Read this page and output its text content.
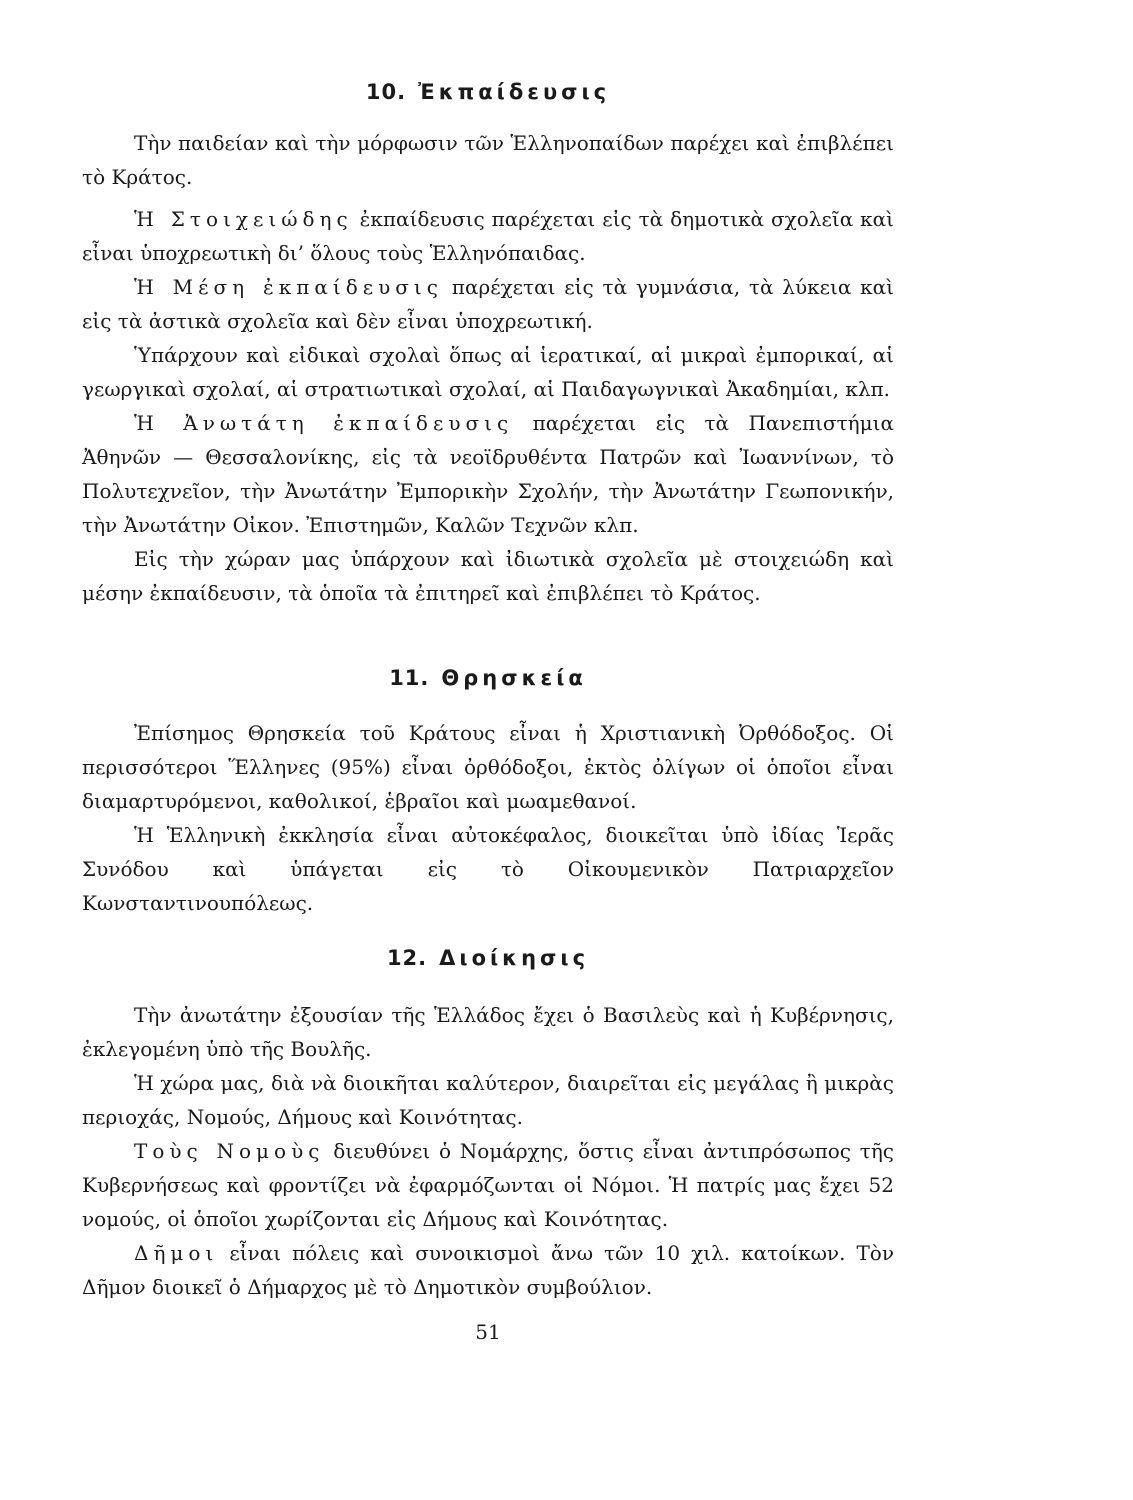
10. Ἐκπαίδευσις

Τὴν παιδείαν καὶ τὴν μόρφωσιν τῶν Ἑλληνοπαίδων παρέχει καὶ ἐπιβλέπει τὸ Κράτος.

Ἡ Στοιχειώδης ἐκπαίδευσις παρέχεται εἰς τὰ δημοτικὰ σχολεῖα καὶ εἶναι ὑποχρεωτικὴ δι’ ὅλους τοὺς Ἑλληνόπαιδας.

Ἡ Μέση ἐκπαίδευσις παρέχεται εἰς τὰ γυμνάσια, τὰ λύκεια καὶ εἰς τὰ ἀστικὰ σχολεῖα καὶ δὲν εἶναι ὑποχρεωτική.

Ὑπάρχουν καὶ εἰδικαὶ σχολαὶ ὅπως αἱ ἱερατικαί, αἱ μικραὶ ἐμπορικαί, αἱ γεωργικαὶ σχολαί, αἱ στρατιωτικαὶ σχολαί, αἱ Παιδαγωγνικαὶ Ἀκαδημίαι, κλπ.

Ἡ Ἀνωτάτη ἐκπαίδευσις παρέχεται εἰς τὰ Πανεπιστήμια Ἀθηνῶν — Θεσσαλονίκης, εἰς τὰ νεοϊδρυθέντα Πατρῶν καὶ Ἰωαννίνων, τὸ Πολυτεχνεῖον, τὴν Ἀνωτάτην Ἐμπορικὴν Σχολήν, τὴν Ἀνωτάτην Γεωπονικήν, τὴν Ἀνωτάτην Οἰκον. Ἐπιστημῶν, Καλῶν Τεχνῶν κλπ.

Εἰς τὴν χώραν μας ὑπάρχουν καὶ ἰδιωτικὰ σχολεῖα μὲ στοιχειώδη καὶ μέσην ἐκπαίδευσιν, τὰ ὁποῖα τὰ ἐπιτηρεῖ καὶ ἐπιβλέπει τὸ Κράτος.

11. Θρησκεία

Ἐπίσημος Θρησκεία τοῦ Κράτους εἶναι ἡ Χριστιανικὴ Ὀρθόδοξος. Οἱ περισσότεροι Ἕλληνες (95%) εἶναι ὀρθόδοξοι, ἐκτὸς ὀλίγων οἱ ὁποῖοι εἶναι διαμαρτυρόμενοι, καθολικοί, ἑβραῖοι καὶ μωαμεθανοί.

Ἡ Ἑλληνικὴ ἐκκλησία εἶναι αὐτοκέφαλος, διοικεῖται ὑπὸ ἰδίας Ἱερᾶς Συνόδου καὶ ὑπάγεται εἰς τὸ Οἰκουμενικὸν Πατριαρχεῖον Κωνσταντινουπόλεως.

12. Διοίκησις

Τὴν ἀνωτάτην ἐξουσίαν τῆς Ἑλλάδος ἔχει ὁ Βασιλεὺς καὶ ἡ Κυβέρνησις, ἐκλεγομένη ὑπὸ τῆς Βουλῆς.

Ἡ χώρα μας, διὰ νὰ διοικῆται καλύτερον, διαιρεῖται εἰς μεγάλας ἢ μικρὰς περιοχάς, Νομούς, Δήμους καὶ Κοινότητας.

Τοὺς Νομοὺς διευθύνει ὁ Νομάρχης, ὅστις εἶναι ἀντιπρόσωπος τῆς Κυβερνήσεως καὶ φροντίζει νὰ ἐφαρμόζωνται οἱ Νόμοι. Ἡ πατρίς μας ἔχει 52 νομούς, οἱ ὁποῖοι χωρίζονται εἰς Δήμους καὶ Κοινότητας.

Δῆμοι εἶναι πόλεις καὶ συνοικισμοὶ ἄνω τῶν 10 χιλ. κατοίκων. Τὸν Δῆμον διοικεῖ ὁ Δήμαρχος μὲ τὸ Δημοτικὸν συμβούλιον.

51
